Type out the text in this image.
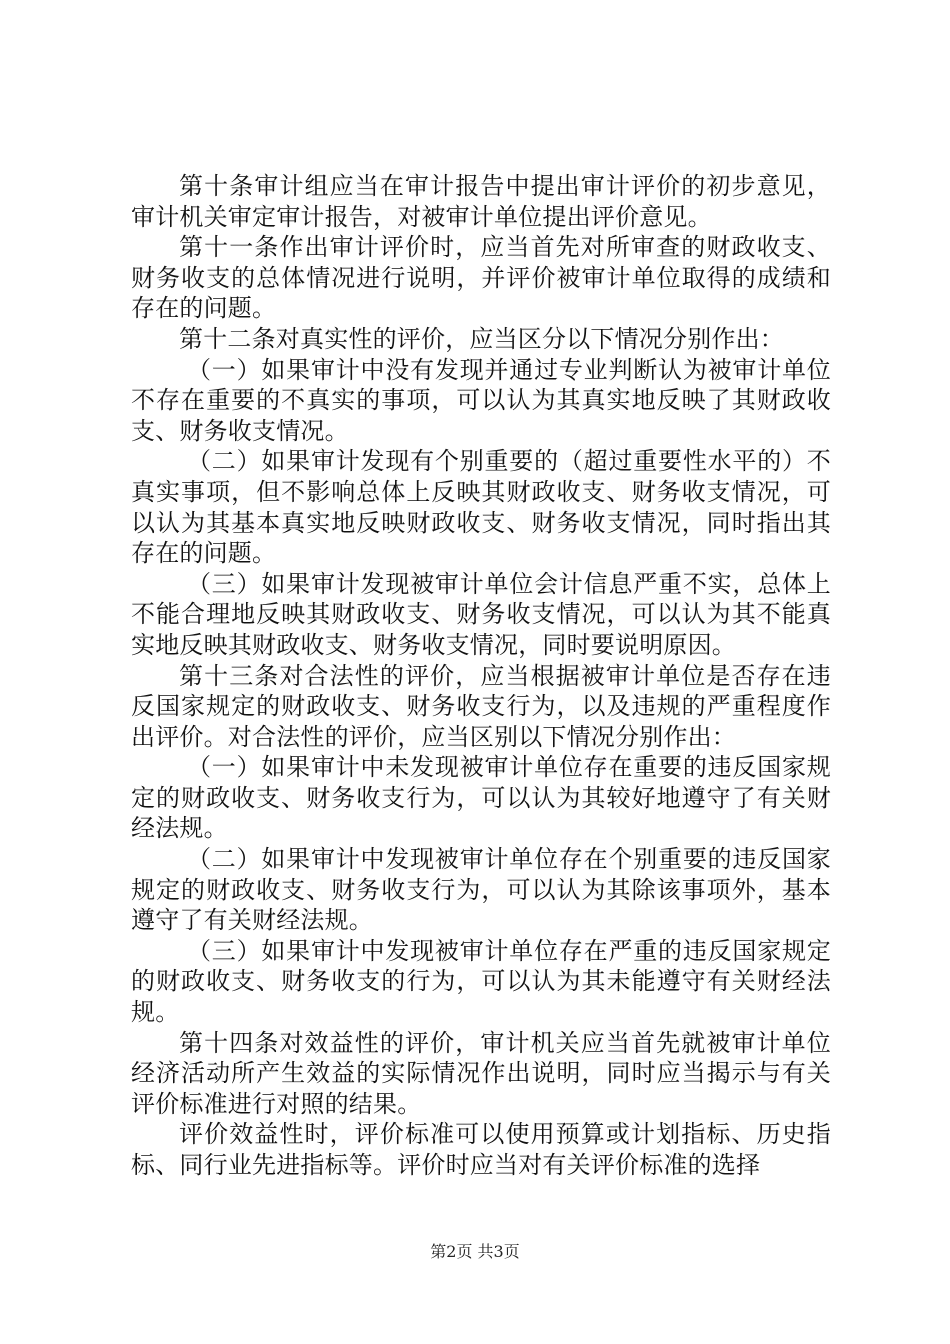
第十条审计组应当在审计报告中提出审计评价的初步意见，审计机关审定审计报告，对被审计单位提出评价意见。

第十一条作出审计评价时，应当首先对所审查的财政收支、财务收支的总体情况进行说明，并评价被审计单位取得的成绩和存在的问题。

第十二条对真实性的评价，应当区分以下情况分别作出：

（一）如果审计中没有发现并通过专业判断认为被审计单位不存在重要的不真实的事项，可以认为其真实地反映了其财政收支、财务收支情况。

（二）如果审计发现有个别重要的（超过重要性水平的）不真实事项，但不影响总体上反映其财政收支、财务收支情况，可以认为其基本真实地反映财政收支、财务收支情况，同时指出其存在的问题。

（三）如果审计发现被审计单位会计信息严重不实，总体上不能合理地反映其财政收支、财务收支情况，可以认为其不能真实地反映其财政收支、财务收支情况，同时要说明原因。

第十三条对合法性的评价，应当根据被审计单位是否存在违反国家规定的财政收支、财务收支行为，以及违规的严重程度作出评价。对合法性的评价，应当区别以下情况分别作出：

（一）如果审计中未发现被审计单位存在重要的违反国家规定的财政收支、财务收支行为，可以认为其较好地遵守了有关财经法规。

（二）如果审计中发现被审计单位存在个别重要的违反国家规定的财政收支、财务收支行为，可以认为其除该事项外，基本遵守了有关财经法规。

（三）如果审计中发现被审计单位存在严重的违反国家规定的财政收支、财务收支的行为，可以认为其未能遵守有关财经法规。

第十四条对效益性的评价，审计机关应当首先就被审计单位经济活动所产生效益的实际情况作出说明，同时应当揭示与有关评价标准进行对照的结果。

评价效益性时，评价标准可以使用预算或计划指标、历史指标、同行业先进指标等。评价时应当对有关评价标准的选择

第2页 共3页
